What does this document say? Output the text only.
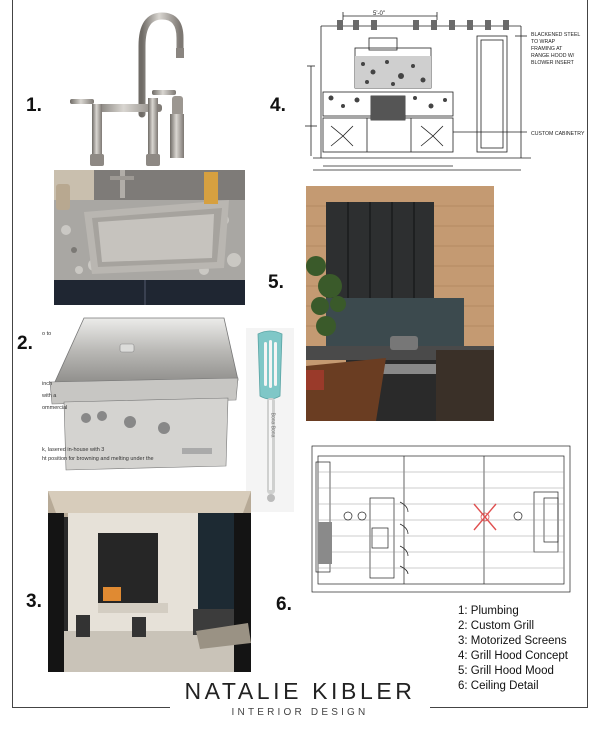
1.
2.
3.
4.
5.
6.
o to
inch
with a
ommercial
k, lasered in-house with 3
ht position for browning and melting under the
Bona Bona
5'-0"
BLACKENED STEEL
TO WRAP
FRAMING AT
RANGE HOOD W/
BLOWER INSERT
CUSTOM CABINETRY
1: Plumbing
2: Custom Grill
3: Motorized Screens
4: Grill Hood Concept
5: Grill Hood Mood
6: Ceiling Detail
NATALIE KIBLER
INTERIOR DESIGN
